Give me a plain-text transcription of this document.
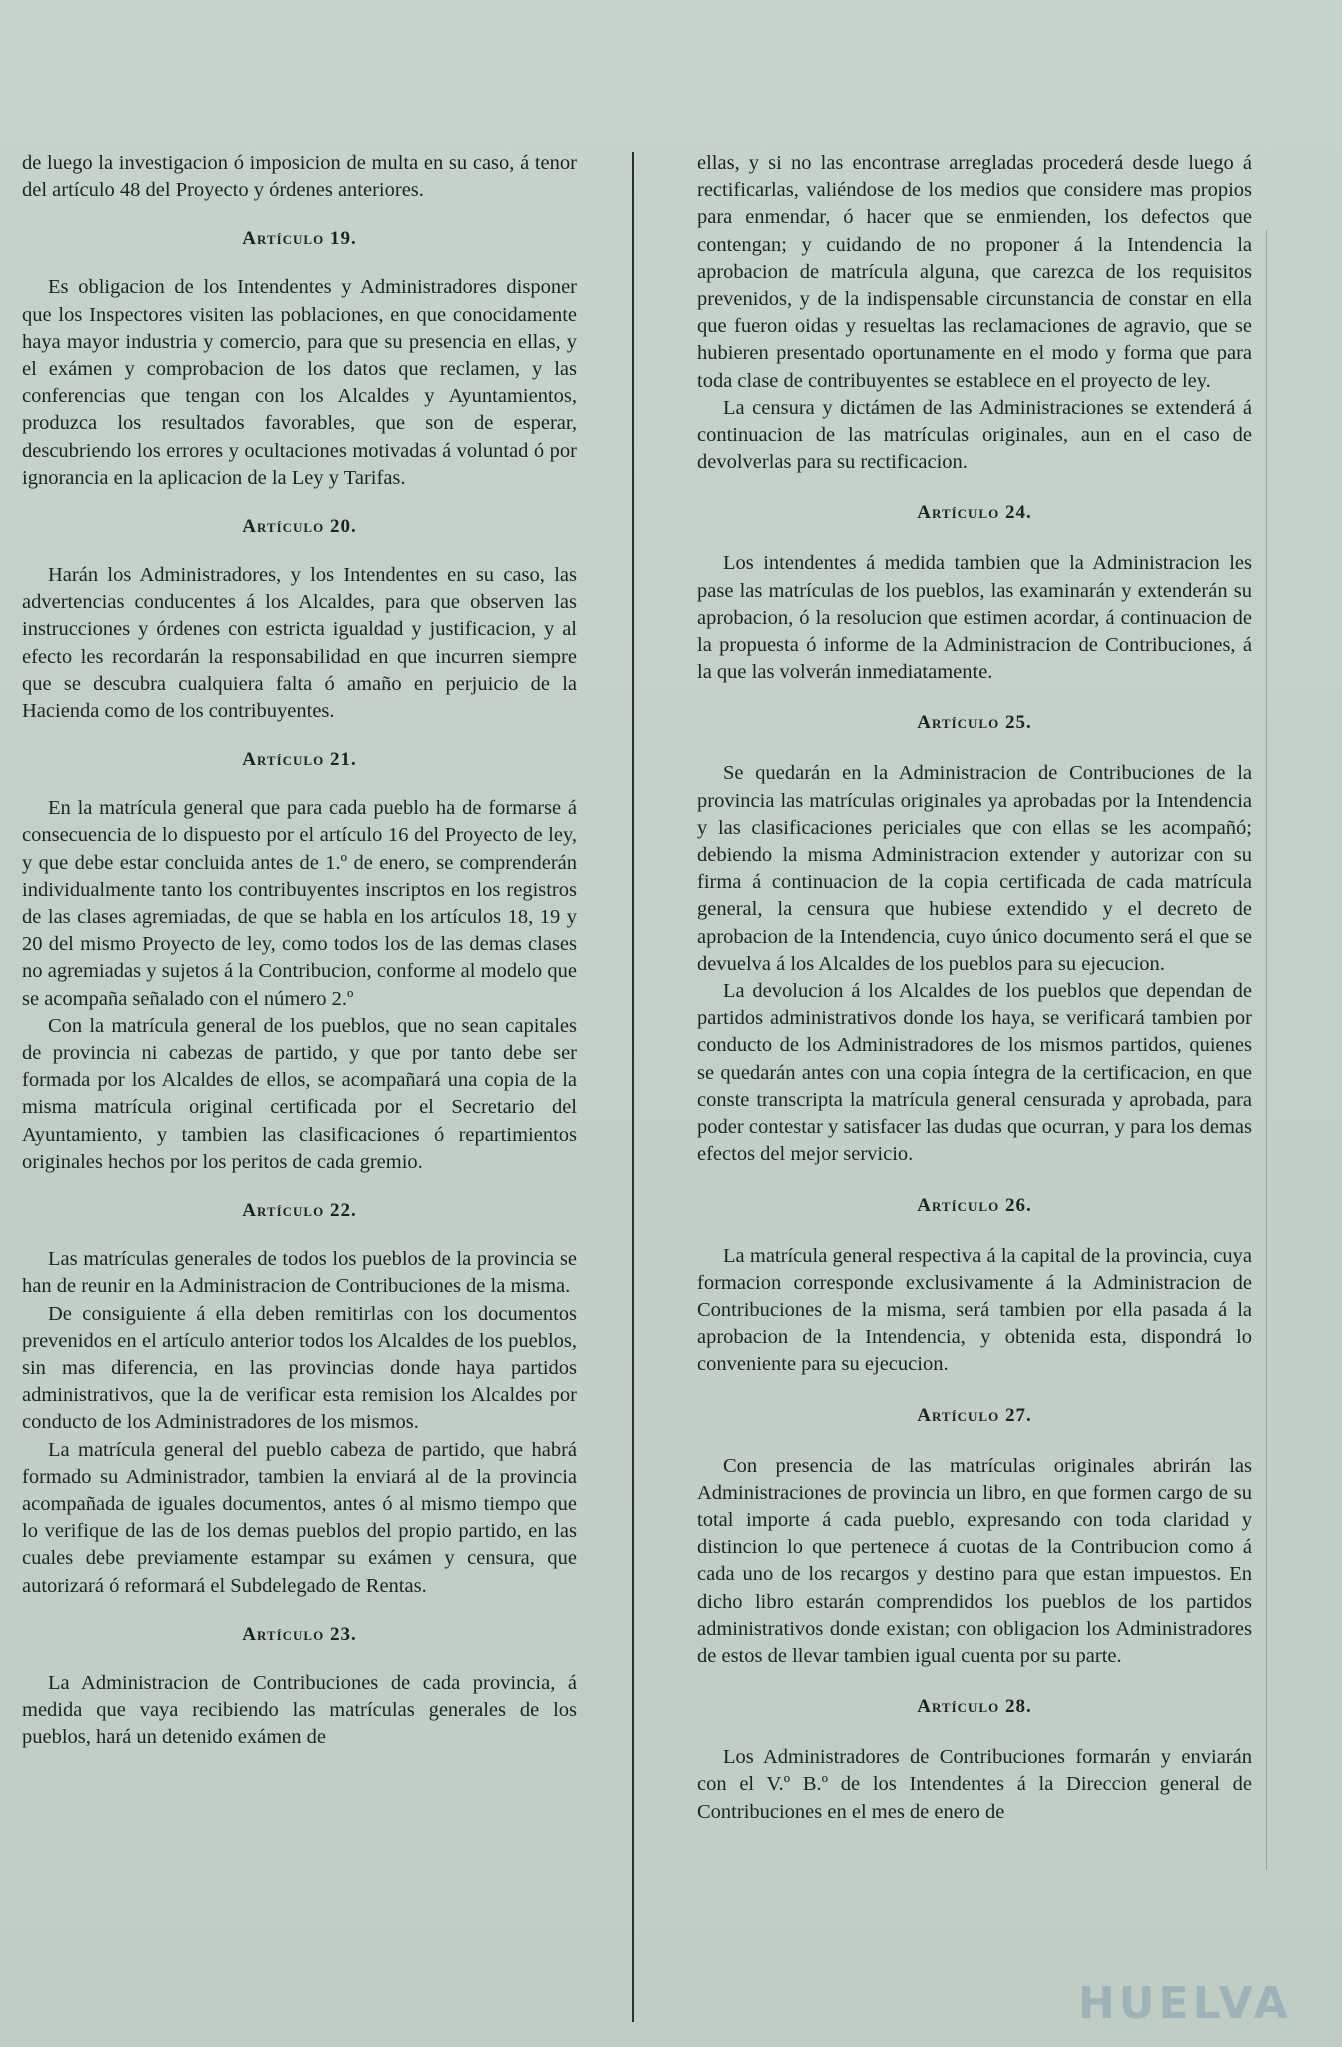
de luego la investigacion ó imposicion de multa en su caso, á tenor del artículo 48 del Proyecto y órdenes anteriores.

Artículo 19.

Es obligacion de los Intendentes y Administradores disponer que los Inspectores visiten las poblaciones, en que conocidamente haya mayor industria y comercio, para que su presencia en ellas, y el exámen y comprobacion de los datos que reclamen, y las conferencias que tengan con los Alcaldes y Ayuntamientos, produzca los resultados favorables, que son de esperar, descubriendo los errores y ocultaciones motivadas á voluntad ó por ignorancia en la aplicacion de la Ley y Tarifas.

Artículo 20.

Harán los Administradores, y los Intendentes en su caso, las advertencias conducentes á los Alcaldes, para que observen las instrucciones y órdenes con estricta igualdad y justificacion, y al efecto les recordarán la responsabilidad en que incurren siempre que se descubra cualquiera falta ó amaño en perjuicio de la Hacienda como de los contribuyentes.

Artículo 21.

En la matrícula general que para cada pueblo ha de formarse á consecuencia de lo dispuesto por el artículo 16 del Proyecto de ley, y que debe estar concluida antes de 1.º de enero, se comprenderán individualmente tanto los contribuyentes inscriptos en los registros de las clases agremiadas, de que se habla en los artículos 18, 19 y 20 del mismo Proyecto de ley, como todos los de las demas clases no agremiadas y sujetos á la Contribucion, conforme al modelo que se acompaña señalado con el número 2.º

Con la matrícula general de los pueblos, que no sean capitales de provincia ni cabezas de partido, y que por tanto debe ser formada por los Alcaldes de ellos, se acompañará una copia de la misma matrícula original certificada por el Secretario del Ayuntamiento, y tambien las clasificaciones ó repartimientos originales hechos por los peritos de cada gremio.

Artículo 22.

Las matrículas generales de todos los pueblos de la provincia se han de reunir en la Administracion de Contribuciones de la misma.

De consiguiente á ella deben remitirlas con los documentos prevenidos en el artículo anterior todos los Alcaldes de los pueblos, sin mas diferencia, en las provincias donde haya partidos administrativos, que la de verificar esta remision los Alcaldes por conducto de los Administradores de los mismos.

La matrícula general del pueblo cabeza de partido, que habrá formado su Administrador, tambien la enviará al de la provincia acompañada de iguales documentos, antes ó al mismo tiempo que lo verifique de las de los demas pueblos del propio partido, en las cuales debe previamente estampar su exámen y censura, que autorizará ó reformará el Subdelegado de Rentas.

Artículo 23.

La Administracion de Contribuciones de cada provincia, á medida que vaya recibiendo las matrículas generales de los pueblos, hará un detenido exámen de

ellas, y si no las encontrase arregladas procederá desde luego á rectificarlas, valiéndose de los medios que considere mas propios para enmendar, ó hacer que se enmienden, los defectos que contengan; y cuidando de no proponer á la Intendencia la aprobacion de matrícula alguna, que carezca de los requisitos prevenidos, y de la indispensable circunstancia de constar en ella que fueron oidas y resueltas las reclamaciones de agravio, que se hubieren presentado oportunamente en el modo y forma que para toda clase de contribuyentes se establece en el proyecto de ley.

La censura y dictámen de las Administraciones se extenderá á continuacion de las matrículas originales, aun en el caso de devolverlas para su rectificacion.

Artículo 24.

Los intendentes á medida tambien que la Administracion les pase las matrículas de los pueblos, las examinarán y extenderán su aprobacion, ó la resolucion que estimen acordar, á continuacion de la propuesta ó informe de la Administracion de Contribuciones, á la que las volverán inmediatamente.

Artículo 25.

Se quedarán en la Administracion de Contribuciones de la provincia las matrículas originales ya aprobadas por la Intendencia y las clasificaciones periciales que con ellas se les acompañó; debiendo la misma Administracion extender y autorizar con su firma á continuacion de la copia certificada de cada matrícula general, la censura que hubiese extendido y el decreto de aprobacion de la Intendencia, cuyo único documento será el que se devuelva á los Alcaldes de los pueblos para su ejecucion.

La devolucion á los Alcaldes de los pueblos que dependan de partidos administrativos donde los haya, se verificará tambien por conducto de los Administradores de los mismos partidos, quienes se quedarán antes con una copia íntegra de la certificacion, en que conste transcripta la matrícula general censurada y aprobada, para poder contestar y satisfacer las dudas que ocurran, y para los demas efectos del mejor servicio.

Artículo 26.

La matrícula general respectiva á la capital de la provincia, cuya formacion corresponde exclusivamente á la Administracion de Contribuciones de la misma, será tambien por ella pasada á la aprobacion de la Intendencia, y obtenida esta, dispondrá lo conveniente para su ejecucion.

Artículo 27.

Con presencia de las matrículas originales abrirán las Administraciones de provincia un libro, en que formen cargo de su total importe á cada pueblo, expresando con toda claridad y distincion lo que pertenece á cuotas de la Contribucion como á cada uno de los recargos y destino para que estan impuestos. En dicho libro estarán comprendidos los pueblos de los partidos administrativos donde existan; con obligacion los Administradores de estos de llevar tambien igual cuenta por su parte.

Artículo 28.

Los Administradores de Contribuciones formarán y enviarán con el V.º B.º de los Intendentes á la Direccion general de Contribuciones en el mes de enero de

HUELVA
